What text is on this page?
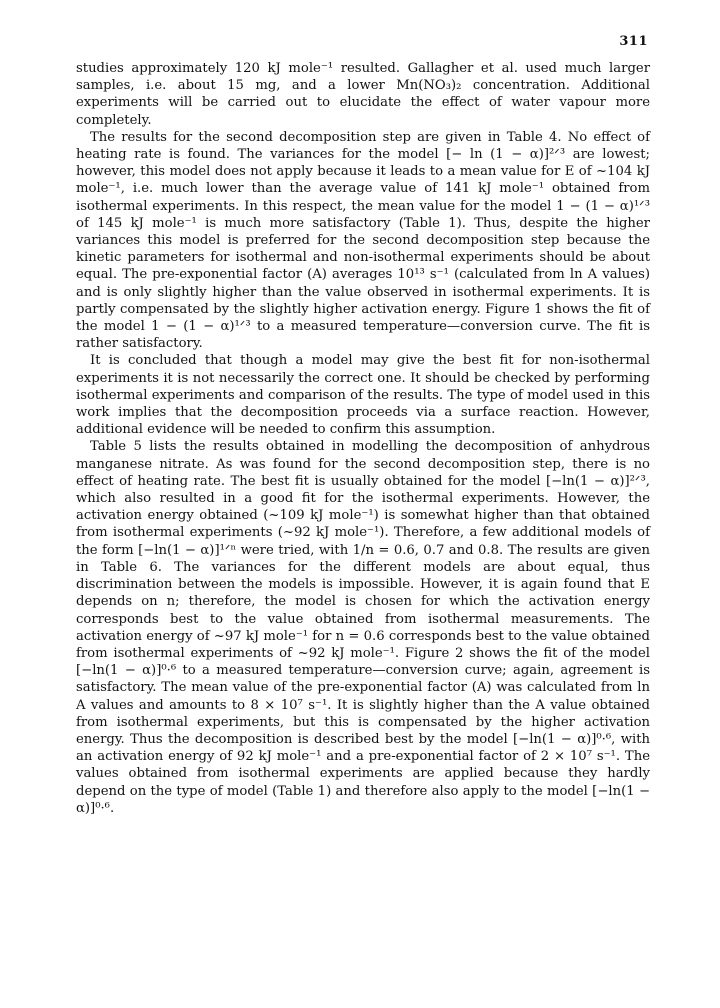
311

studies approximately 120 kJ mole⁻¹ resulted. Gallagher et al. used much larger samples, i.e. about 15 mg, and a lower Mn(NO₃)₂ concentration. Additional experiments will be carried out to elucidate the effect of water vapour more completely.

The results for the second decomposition step are given in Table 4. No effect of heating rate is found. The variances for the model [− ln (1 − α)]²ᐟ³ are lowest; however, this model does not apply because it leads to a mean value for E of ~104 kJ mole⁻¹, i.e. much lower than the average value of 141 kJ mole⁻¹ obtained from isothermal experiments. In this respect, the mean value for the model 1 − (1 − α)¹ᐟ³ of 145 kJ mole⁻¹ is much more satisfactory (Table 1). Thus, despite the higher variances this model is preferred for the second decomposition step because the kinetic parameters for isothermal and non-isothermal experiments should be about equal. The pre-exponential factor (A) averages 10¹³ s⁻¹ (calculated from ln A values) and is only slightly higher than the value observed in isothermal experiments. It is partly compensated by the slightly higher activation energy. Figure 1 shows the fit of the model 1 − (1 − α)¹ᐟ³ to a measured temperature—conversion curve. The fit is rather satisfactory.

It is concluded that though a model may give the best fit for non-isothermal experiments it is not necessarily the correct one. It should be checked by performing isothermal experiments and comparison of the results. The type of model used in this work implies that the decomposition proceeds via a surface reaction. However, additional evidence will be needed to confirm this assumption.

Table 5 lists the results obtained in modelling the decomposition of anhydrous manganese nitrate. As was found for the second decomposition step, there is no effect of heating rate. The best fit is usually obtained for the model [−ln(1 − α)]²ᐟ³, which also resulted in a good fit for the isothermal experiments. However, the activation energy obtained (~109 kJ mole⁻¹) is somewhat higher than that obtained from isothermal experiments (~92 kJ mole⁻¹). Therefore, a few additional models of the form [−ln(1 − α)]¹ᐟⁿ were tried, with 1/n = 0.6, 0.7 and 0.8. The results are given in Table 6. The variances for the different models are about equal, thus discrimination between the models is impossible. However, it is again found that E depends on n; therefore, the model is chosen for which the activation energy corresponds best to the value obtained from isothermal measurements. The activation energy of ~97 kJ mole⁻¹ for n = 0.6 corresponds best to the value obtained from isothermal experiments of ~92 kJ mole⁻¹. Figure 2 shows the fit of the model [−ln(1 − α)]⁰·⁶ to a measured temperature—conversion curve; again, agreement is satisfactory. The mean value of the pre-exponential factor (A) was calculated from ln A values and amounts to 8 × 10⁷ s⁻¹. It is slightly higher than the A value obtained from isothermal experiments, but this is compensated by the higher activation energy. Thus the decomposition is described best by the model [−ln(1 − α)]⁰·⁶, with an activation energy of 92 kJ mole⁻¹ and a pre-exponential factor of 2 × 10⁷ s⁻¹. The values obtained from isothermal experiments are applied because they hardly depend on the type of model (Table 1) and therefore also apply to the model [−ln(1 − α)]⁰·⁶.
